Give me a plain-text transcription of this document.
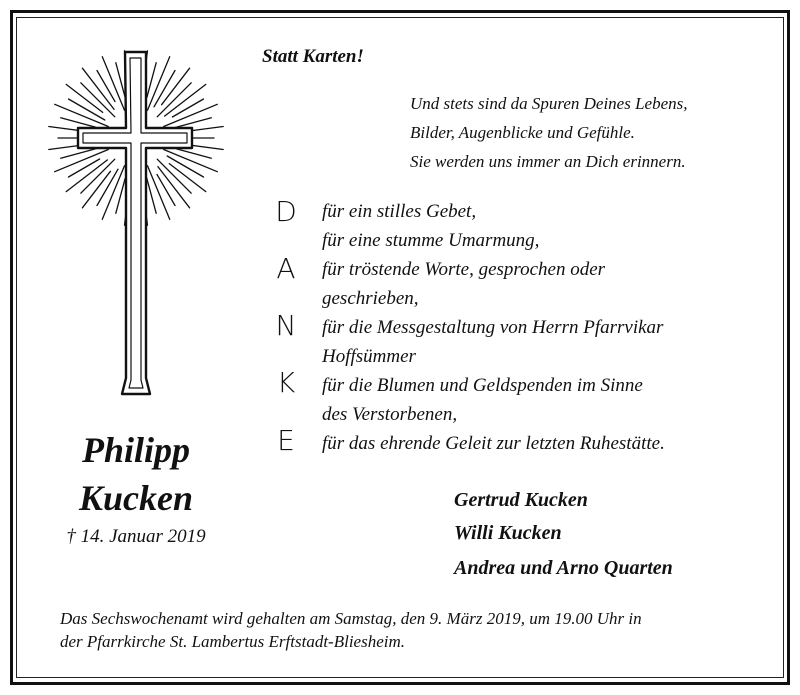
Statt Karten!

Und stets sind da Spuren Deines Lebens,
Bilder, Augenblicke und Gefühle.
Sie werden uns immer an Dich erinnern.
D
A
N
K
E
für ein stilles Gebet,
für eine stumme Umarmung,
für tröstende Worte, gesprochen oder
geschrieben,
für die Messgestaltung von Herrn Pfarrvikar
Hoffsümmer
für die Blumen und Geldspenden im Sinne
des Verstorbenen,
für das ehrende Geleit zur letzten Ruhestätte.
Philipp
Kucken
† 14. Januar 2019
Gertrud Kucken
Willi Kucken
Andrea und Arno Quarten
Das Sechswochenamt wird gehalten am Samstag, den 9. März 2019, um 19.00 Uhr in
der Pfarrkirche St. Lambertus Erftstadt-Bliesheim.
